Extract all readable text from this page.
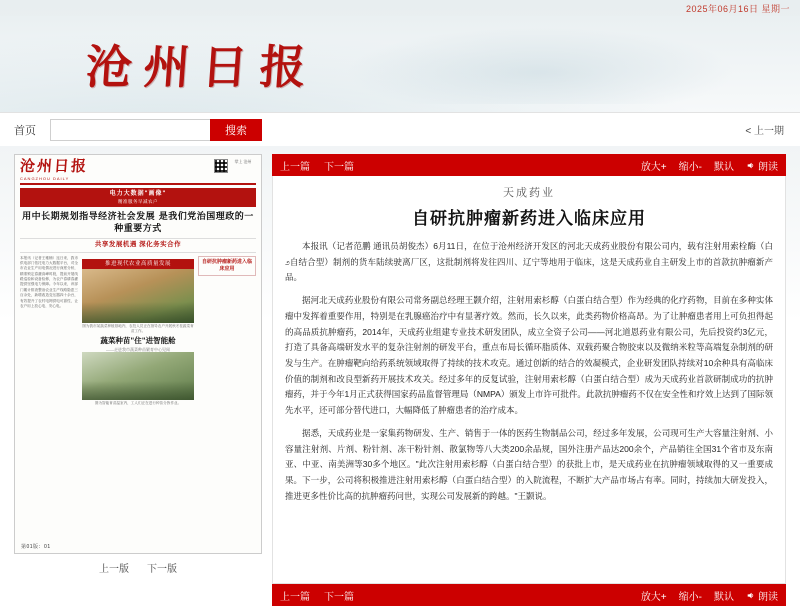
2025年06月16日 星期一
沧州日报
首页	搜索	< 上一期
沧州日报
CANGZHOU DAILY
掌上 沧州
电力大数据"画像"
精准服务早减农户
用中长期规划指导经济社会发展 是我们党治国理政的一种重要方式
共享发展机遇 深化务实合作
本报讯（记者王雅楠）连日来，我市供电部门依托电力大数据平台，对全市农业生产用电情况进行深度分析，精准锁定春灌高峰时段，提前开展线路巡检和设备检修，为农户春耕春灌提供坚强电力保障。今年以来，该部门累计排查整治农业生产线路隐患三百余处，新增改造变压器四十余台，有效提升了农村电网供电可靠性，让农户用上放心电、安心电。
推进现代农业高质量发展
图为我市某蔬菜种植基地内，农技人员正在指导农户开展秋冬茬蔬菜育苗工作。
蔬菜种苗"住"进智能舱
——走进我市蔬菜种苗繁育中心见闻
图为智能育苗温室内，工人们正在进行种苗分拣作业。
自研抗肿瘤新药进入临床应用
第01版：01
上一版 下一版
上一篇 下一篇	放大+ 缩小- 默认 朗读
天成药业
自研抗肿瘤新药进入临床应用

本报讯（记者范鹏 通讯员胡俊杰）6月11日，在位于沧州经济开发区的河北天成药业股份有限公司内，载有注射用索栓酶（白೨自结合型）制剂的货车陆续驶离厂区，这批制剂将发往四川、辽宁等地用于临床，这是天成药业自主研发上市的首款抗肿瘤新产品。

据河北天成药业股份有限公司常务副总经理王颢介绍，注射用索杉醇（白蛋白结合型）作为经典的化疗药物，目前在多种实体瘤中发挥着重要作用，特别是在乳腺癌治疗中有显著疗效。然而，长久以来，此类药物价格高昂。为了让肿瘤患者用上可负担得起的高品质抗肿瘤药，2014年，天成药业组建专业技术研发团队，成立全资子公司——河北道恩药业有限公司，先后投资约3亿元，打造了具备高端研发水平的复杂注射剂的研发平台，重点布局长循环脂质体、双载药聚合物胶束以及微纳米粒等高端复杂制剂的研发与生产。在肿瘤靶向给药系统领域取得了持续的技术攻克。通过创新的结合的效凝模式，企业研发团队持续对10余种具有高临床价值的制剂和改良型新药开展技术攻关。经过多年的反复试验，注射用索杉醇（白蛋白结合型）成为天成药业首款研制成功的抗肿瘤药，并于今年1月正式获得国家药品监督管理局（NMPA）颁发上市许可批件。此款抗肿瘤药不仅在安全性和疗效上达到了国际领先水平，还可部分替代进口，大幅降低了肿瘤患者的治疗成本。

据悉，天成药业是一家集药物研发、生产、销售于一体的医药生物制品公司，经过多年发展，公司现可生产大容量注射剂、小容量注射剂、片剂、粉针剂、冻干粉针剂、散氯物等八大类200余品规，国外注册产品达200余个，产品销往全国31个省市及东南亚、中亚、南美洲等30多个地区。"此次注射用索杉醇（白蛋白结合型）的获批上市，是天成药业在抗肿瘤领域取得的又一重要成果。下一步，公司将积极推进注射用索杉醇（白蛋白结合型）的入院流程，不断扩大产品市场占有率。同时，持续加大研发投入，推进更多性价比高的抗肿瘤药问世，实现公司发展新的跨越。"王颢说。

上一篇 下一篇	放大+ 缩小- 默认 朗读
